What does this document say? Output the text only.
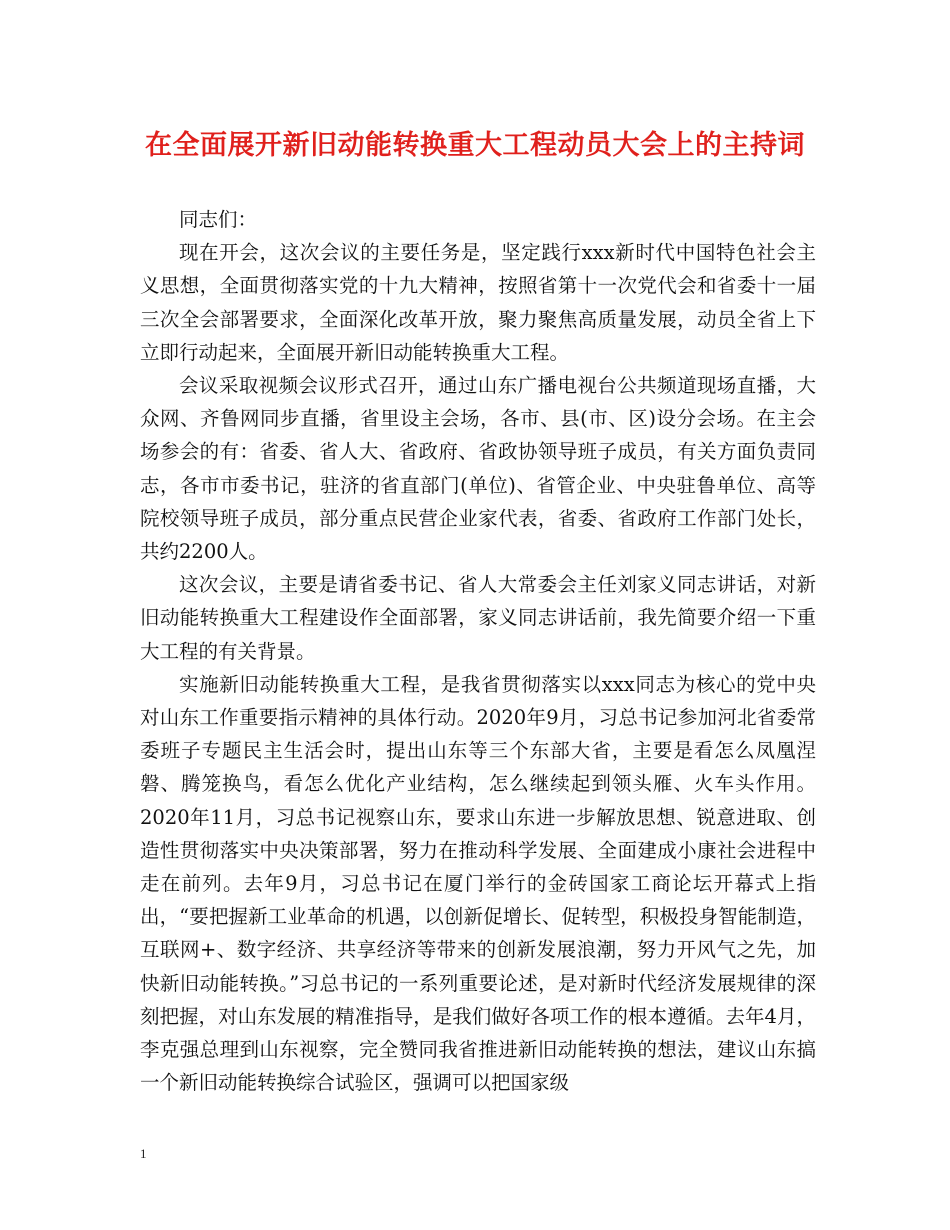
在全面展开新旧动能转换重大工程动员大会上的主持词

同志们：

现在开会，这次会议的主要任务是，坚定践行xxx新时代中国特色社会主义思想，全面贯彻落实党的十九大精神，按照省第十一次党代会和省委十一届三次全会部署要求，全面深化改革开放，聚力聚焦高质量发展，动员全省上下立即行动起来，全面展开新旧动能转换重大工程。

会议采取视频会议形式召开，通过山东广播电视台公共频道现场直播，大众网、齐鲁网同步直播，省里设主会场，各市、县(市、区)设分会场。在主会场参会的有：省委、省人大、省政府、省政协领导班子成员，有关方面负责同志，各市市委书记，驻济的省直部门(单位)、省管企业、中央驻鲁单位、高等院校领导班子成员，部分重点民营企业家代表，省委、省政府工作部门处长，共约2200人。

这次会议，主要是请省委书记、省人大常委会主任刘家义同志讲话，对新旧动能转换重大工程建设作全面部署，家义同志讲话前，我先简要介绍一下重大工程的有关背景。

实施新旧动能转换重大工程，是我省贯彻落实以xxx同志为核心的党中央对山东工作重要指示精神的具体行动。2020年9月，习总书记参加河北省委常委班子专题民主生活会时，提出山东等三个东部大省，主要是看怎么凤凰涅磐、腾笼换鸟，看怎么优化产业结构，怎么继续起到领头雁、火车头作用。2020年11月，习总书记视察山东，要求山东进一步解放思想、锐意进取、创造性贯彻落实中央决策部署，努力在推动科学发展、全面建成小康社会进程中走在前列。去年9月，习总书记在厦门举行的金砖国家工商论坛开幕式上指出，“要把握新工业革命的机遇，以创新促增长、促转型，积极投身智能制造，互联网+、数字经济、共享经济等带来的创新发展浪潮，努力开风气之先，加快新旧动能转换。”习总书记的一系列重要论述，是对新时代经济发展规律的深刻把握，对山东发展的精准指导，是我们做好各项工作的根本遵循。去年4月，李克强总理到山东视察，完全赞同我省推进新旧动能转换的想法，建议山东搞一个新旧动能转换综合试验区，强调可以把国家级

1
